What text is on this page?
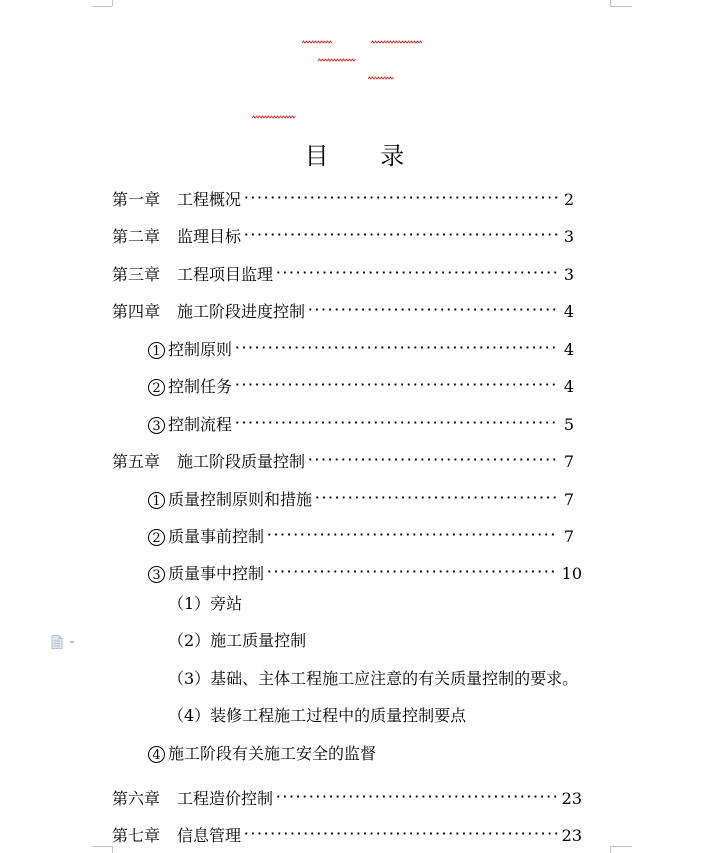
目 录
第一章 工程概况	2
第二章 监理目标	3
第三章 工程项目监理	3
第四章 施工阶段进度控制	4
1 控制原则	4
2 控制任务	4
3 控制流程	5
第五章 施工阶段质量控制	7
1 质量控制原则和措施	7
2 质量事前控制	7
3 质量事中控制	10
（1）旁站
（2）施工质量控制
（3）基础、主体工程施工应注意的有关质量控制的要求。
（4）装修工程施工过程中的质量控制要点
4 施工阶段有关施工安全的监督
第六章 工程造价控制	23
第七章 信息管理	23
